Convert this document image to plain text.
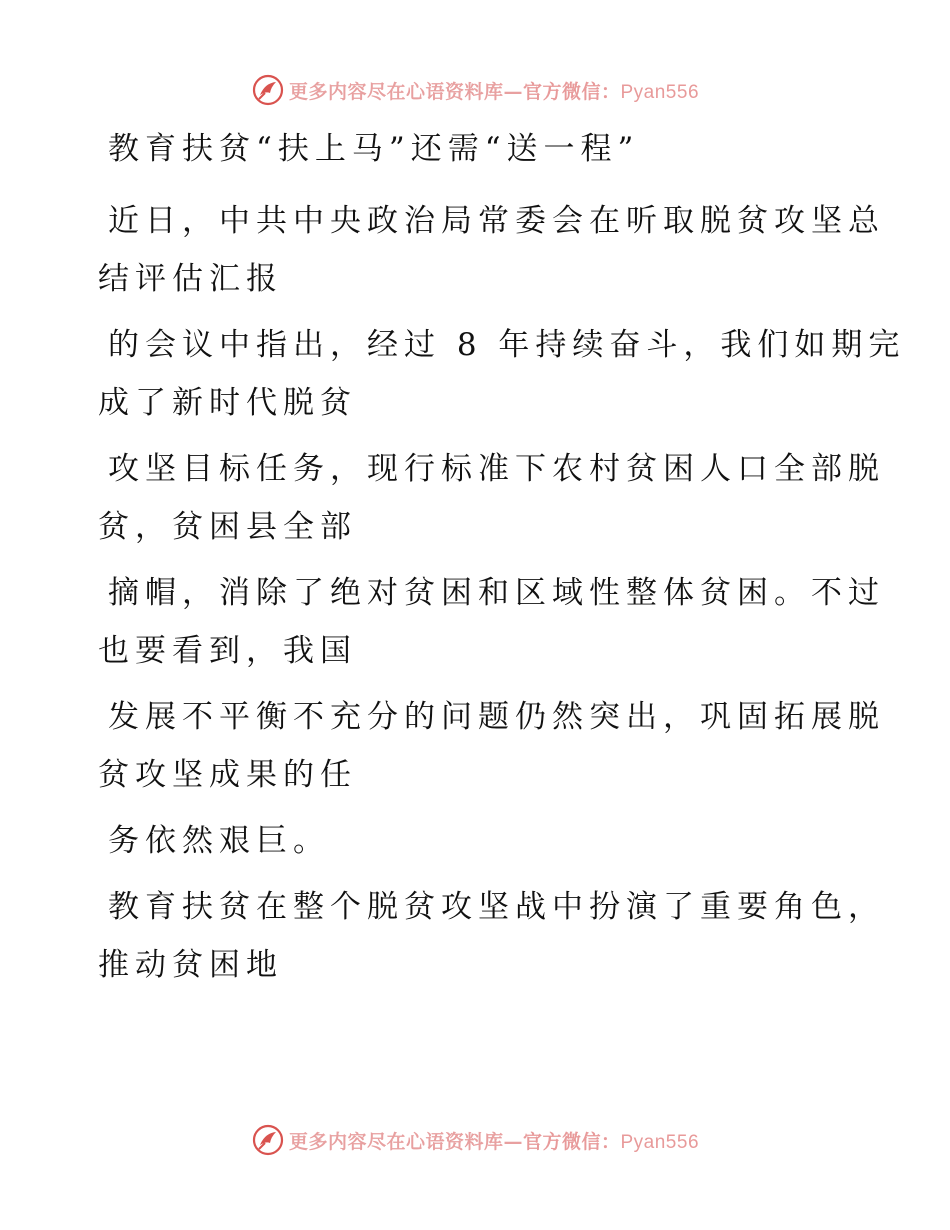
更多内容尽在心语资料库—官方微信：Pyan556
教育扶贫“扶上马”还需“送一程”
近日，中共中央政治局常委会在听取脱贫攻坚总
结评估汇报
的会议中指出，经过 8 年持续奋斗，我们如期完
成了新时代脱贫
攻坚目标任务，现行标准下农村贫困人口全部脱
贫，贫困县全部
摘帽，消除了绝对贫困和区域性整体贫困。不过
也要看到，我国
发展不平衡不充分的问题仍然突出，巩固拓展脱
贫攻坚成果的任
务依然艰巨。
教育扶贫在整个脱贫攻坚战中扮演了重要角色，
推动贫困地
更多内容尽在心语资料库—官方微信：Pyan556
